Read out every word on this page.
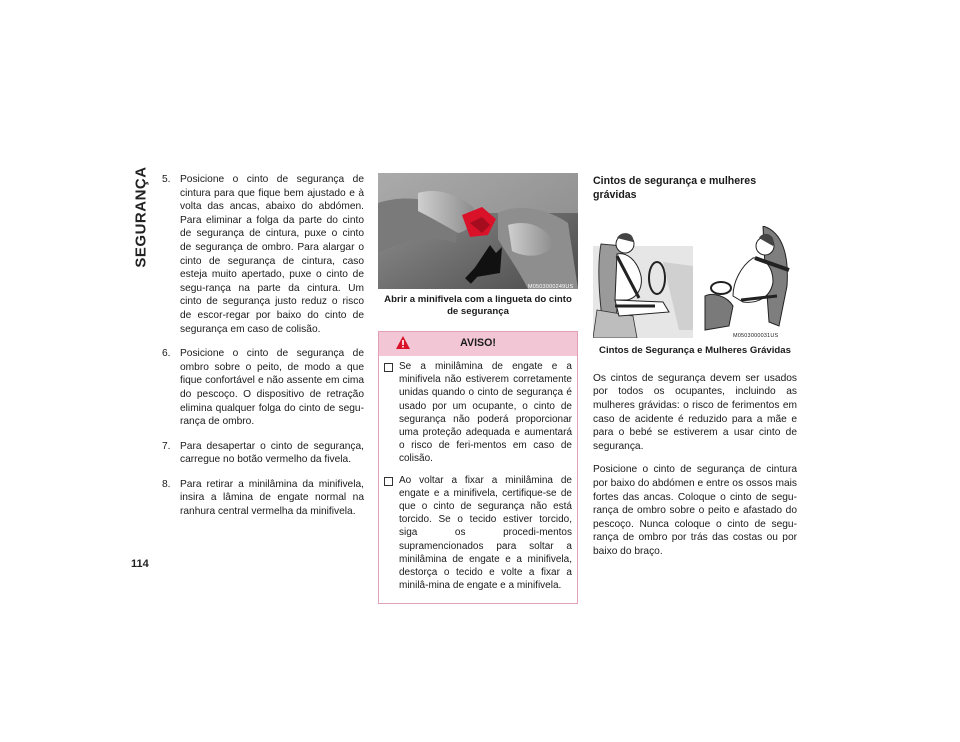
SEGURANÇA
114
5. Posicione o cinto de segurança de cintura para que fique bem ajustado e à volta das ancas, abaixo do abdómen. Para eliminar a folga da parte do cinto de segurança de cintura, puxe o cinto de segurança de ombro. Para alargar o cinto de segurança de cintura, caso esteja muito apertado, puxe o cinto de segu-rança na parte da cintura. Um cinto de segurança justo reduz o risco de escor-regar por baixo do cinto de segurança em caso de colisão.
6. Posicione o cinto de segurança de ombro sobre o peito, de modo a que fique confortável e não assente em cima do pescoço. O dispositivo de retração elimina qualquer folga do cinto de segu-rança de ombro.
7. Para desapertar o cinto de segurança, carregue no botão vermelho da fivela.
8. Para retirar a minilâmina da minifivela, insira a lâmina de engate normal na ranhura central vermelha da minifivela.
M0503000249US
Abrir a minifivela com a lingueta do cinto de segurança
AVISO!
Se a minilâmina de engate e a minifivela não estiverem corretamente unidas quando o cinto de segurança é usado por um ocupante, o cinto de segurança não poderá proporcionar uma proteção adequada e aumentará o risco de feri-mentos em caso de colisão.
Ao voltar a fixar a minilâmina de engate e a minifivela, certifique-se de que o cinto de segurança não está torcido. Se o tecido estiver torcido, siga os procedi-mentos supramencionados para soltar a minilâmina de engate e a minifivela, destorça o tecido e volte a fixar a minilâ-mina de engate e a minifivela.
Cintos de segurança e mulheres grávidas
M0503000031US
Cintos de Segurança e Mulheres Grávidas
Os cintos de segurança devem ser usados por todos os ocupantes, incluindo as mulheres grávidas: o risco de ferimentos em caso de acidente é reduzido para a mãe e para o bebé se estiverem a usar cinto de segurança.
Posicione o cinto de segurança de cintura por baixo do abdómen e entre os ossos mais fortes das ancas. Coloque o cinto de segu-rança de ombro sobre o peito e afastado do pescoço. Nunca coloque o cinto de segu-rança de ombro por trás das costas ou por baixo do braço.
